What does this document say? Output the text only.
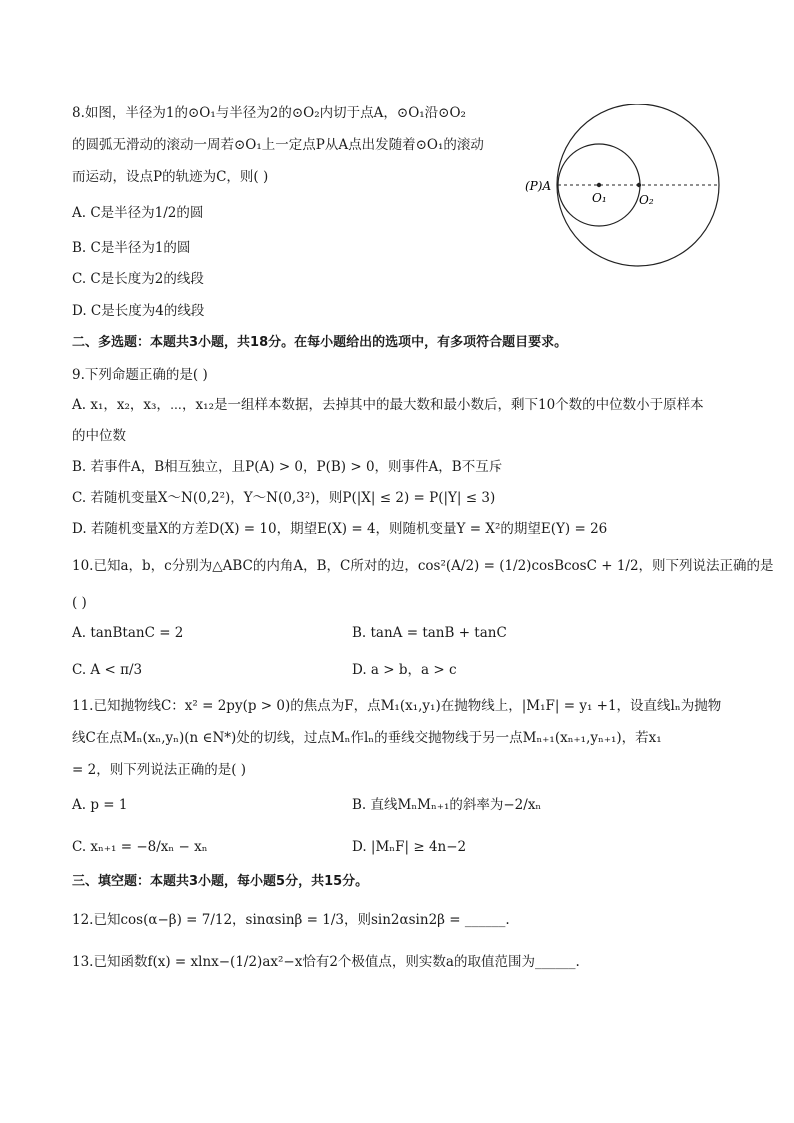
8.如图，半径为1的⊙O₁与半径为2的⊙O₂内切于点A，⊙O₁沿⊙O₂
的圆弧无滑动的滚动一周若⊙O₁上一定点P从A点出发随着⊙O₁的滚动
而运动，设点P的轨迹为C，则( )
A. C是半径为1/2的圆
B. C是半径为1的圆
C. C是长度为2的线段
D. C是长度为4的线段
(P)A
O₁	O₂
二、多选题：本题共3小题，共18分。在每小题给出的选项中，有多项符合题目要求。
9.下列命题正确的是( )
A. x₁，x₂，x₃，⋯，x₁₂是一组样本数据，去掉其中的最大数和最小数后，剩下10个数的中位数小于原样本
的中位数
B. 若事件A，B相互独立，且P(A) > 0，P(B) > 0，则事件A，B不互斥
C. 若随机变量X～N(0,2²)，Y～N(0,3²)，则P(|X| ≤ 2) = P(|Y| ≤ 3)
D. 若随机变量X的方差D(X) = 10，期望E(X) = 4，则随机变量Y = X²的期望E(Y) = 26
10.已知a，b，c分别为△ABC的内角A，B，C所对的边，cos²(A/2) = (1/2)cosBcosC + 1/2，则下列说法正确的是
( )
A. tanBtanC = 2	B. tanA = tanB + tanC
C. A < π/3	D. a > b，a > c
11.已知抛物线C：x² = 2py(p > 0)的焦点为F，点M₁(x₁,y₁)在抛物线上，|M₁F| = y₁ +1，设直线lₙ为抛物
线C在点Mₙ(xₙ,yₙ)(n ∈N*)处的切线，过点Mₙ作lₙ的垂线交抛物线于另一点Mₙ₊₁(xₙ₊₁,yₙ₊₁)，若x₁
= 2，则下列说法正确的是( )
A. p = 1	B. 直线MₙMₙ₊₁的斜率为−2/xₙ
C. xₙ₊₁ = −8/xₙ − xₙ	D. |MₙF| ≥ 4n−2
三、填空题：本题共3小题，每小题5分，共15分。
12.已知cos(α−β) = 7/12，sinαsinβ = 1/3，则sin2αsin2β = ______.
13.已知函数f(x) = xlnx−(1/2)ax²−x恰有2个极值点，则实数a的取值范围为______.
